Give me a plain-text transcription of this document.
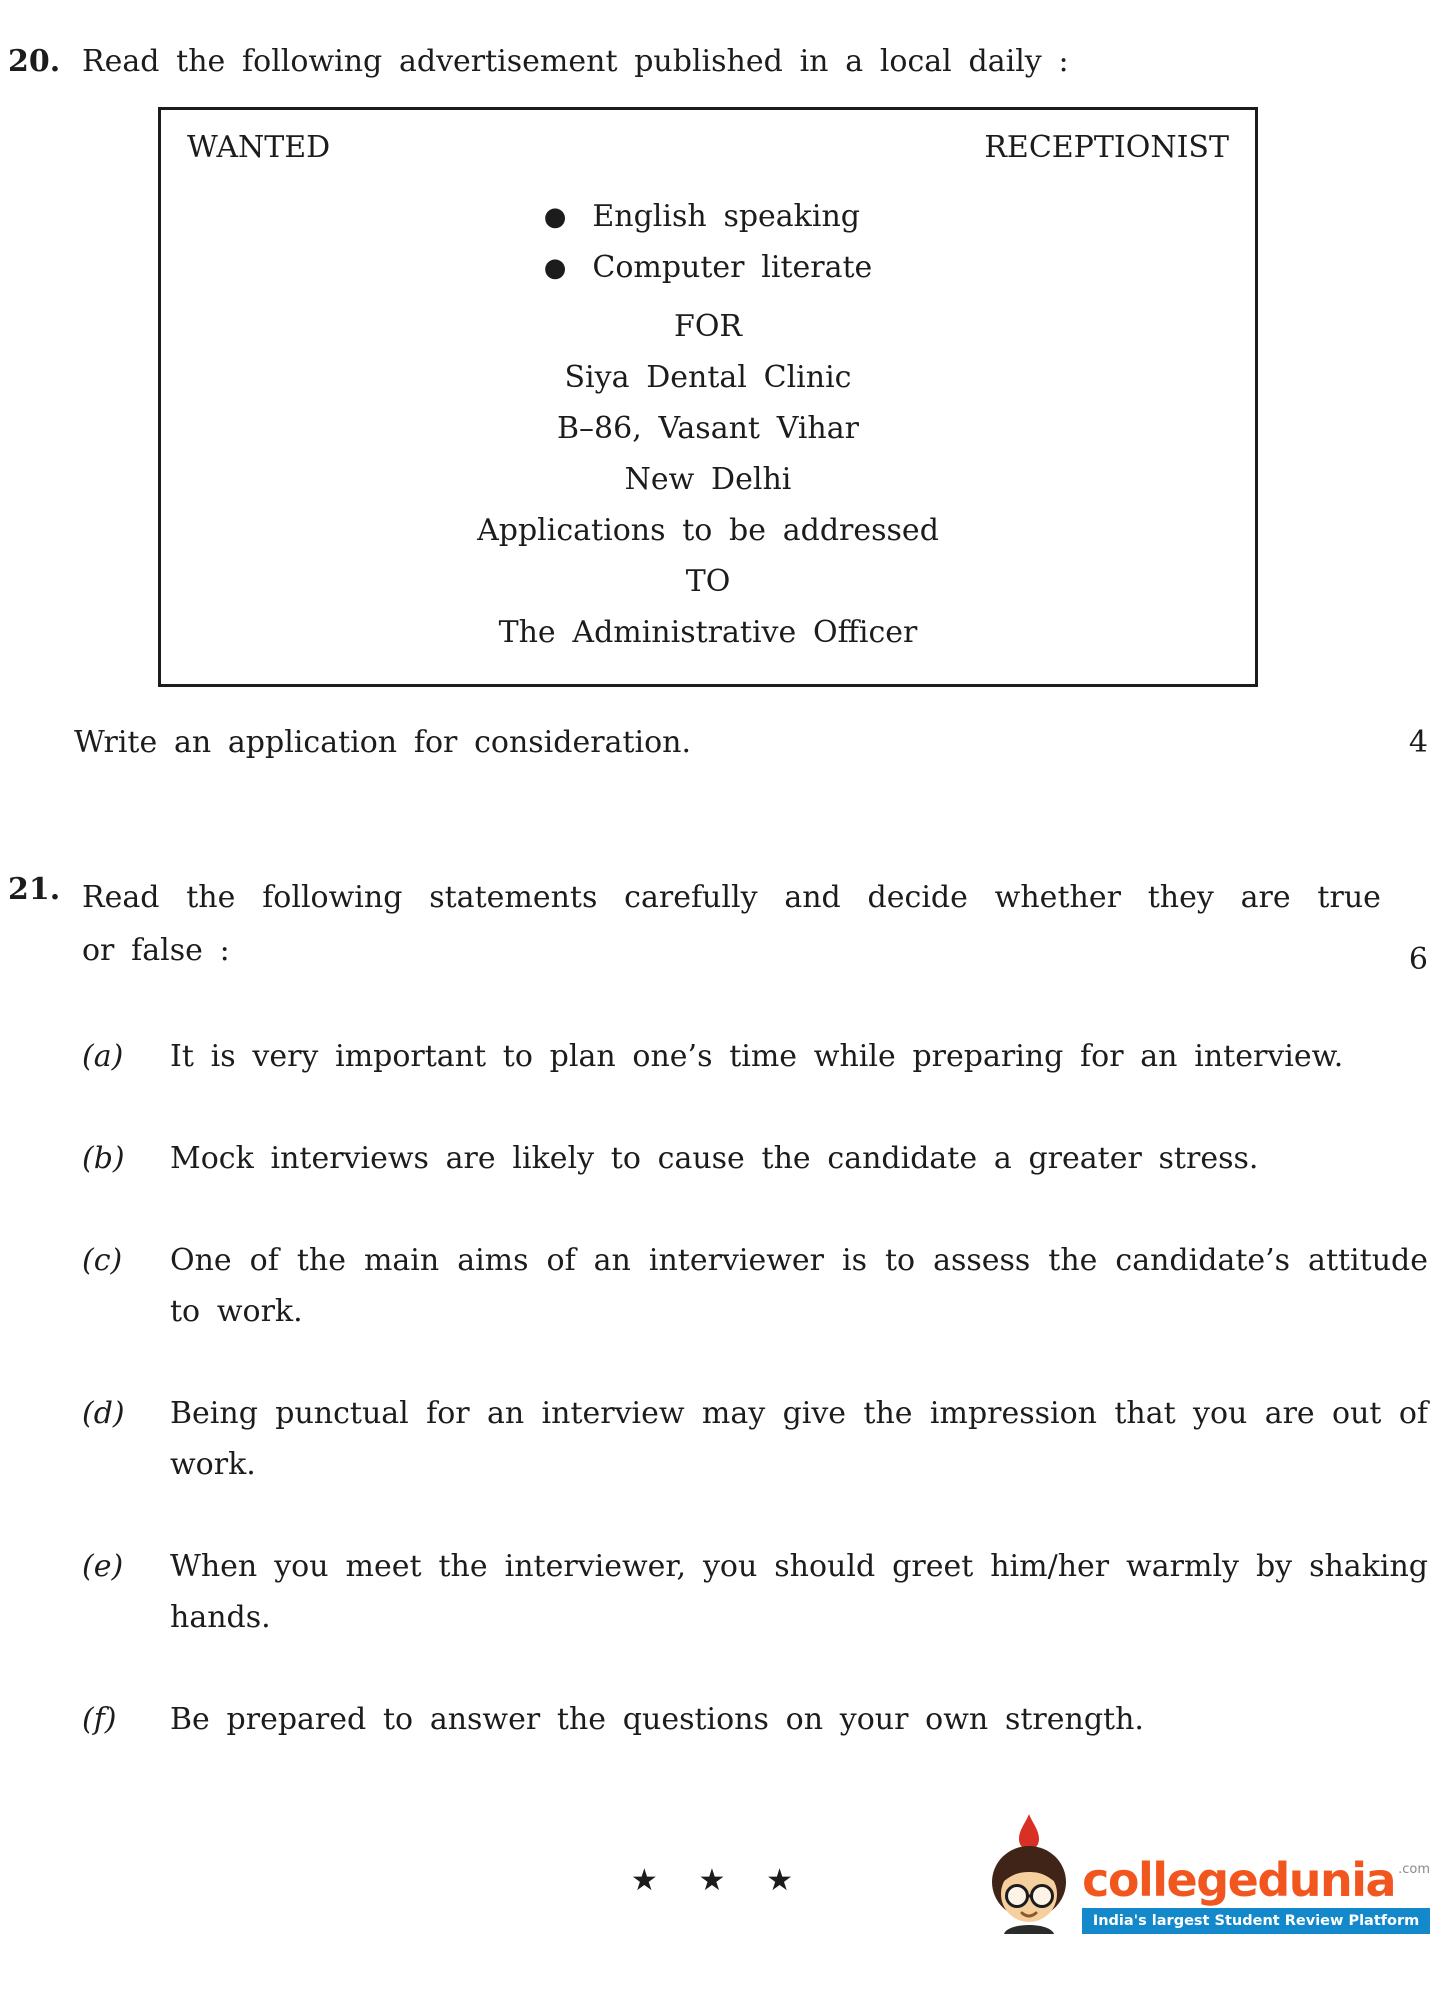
20. Read the following advertisement published in a local daily :
WANTED	RECEPTIONIST
● English speaking
● Computer literate
FOR
Siya Dental Clinic
B–86, Vasant Vihar
New Delhi
Applications to be addressed
TO
The Administrative Officer
Write an application for consideration.	4
21. Read the following statements carefully and decide whether they are true
or false :	6
(a)	It is very important to plan one’s time while preparing for an interview.
(b)	Mock interviews are likely to cause the candidate a greater stress.
(c)	One of the main aims of an interviewer is to assess the candidate’s attitude to work.
(d)	Being punctual for an interview may give the impression that you are out of work.
(e)	When you meet the interviewer, you should greet him/her warmly by shaking hands.
(f)	Be prepared to answer the questions on your own strength.
★ ★ ★	collegedunia .com
India's largest Student Review Platform
